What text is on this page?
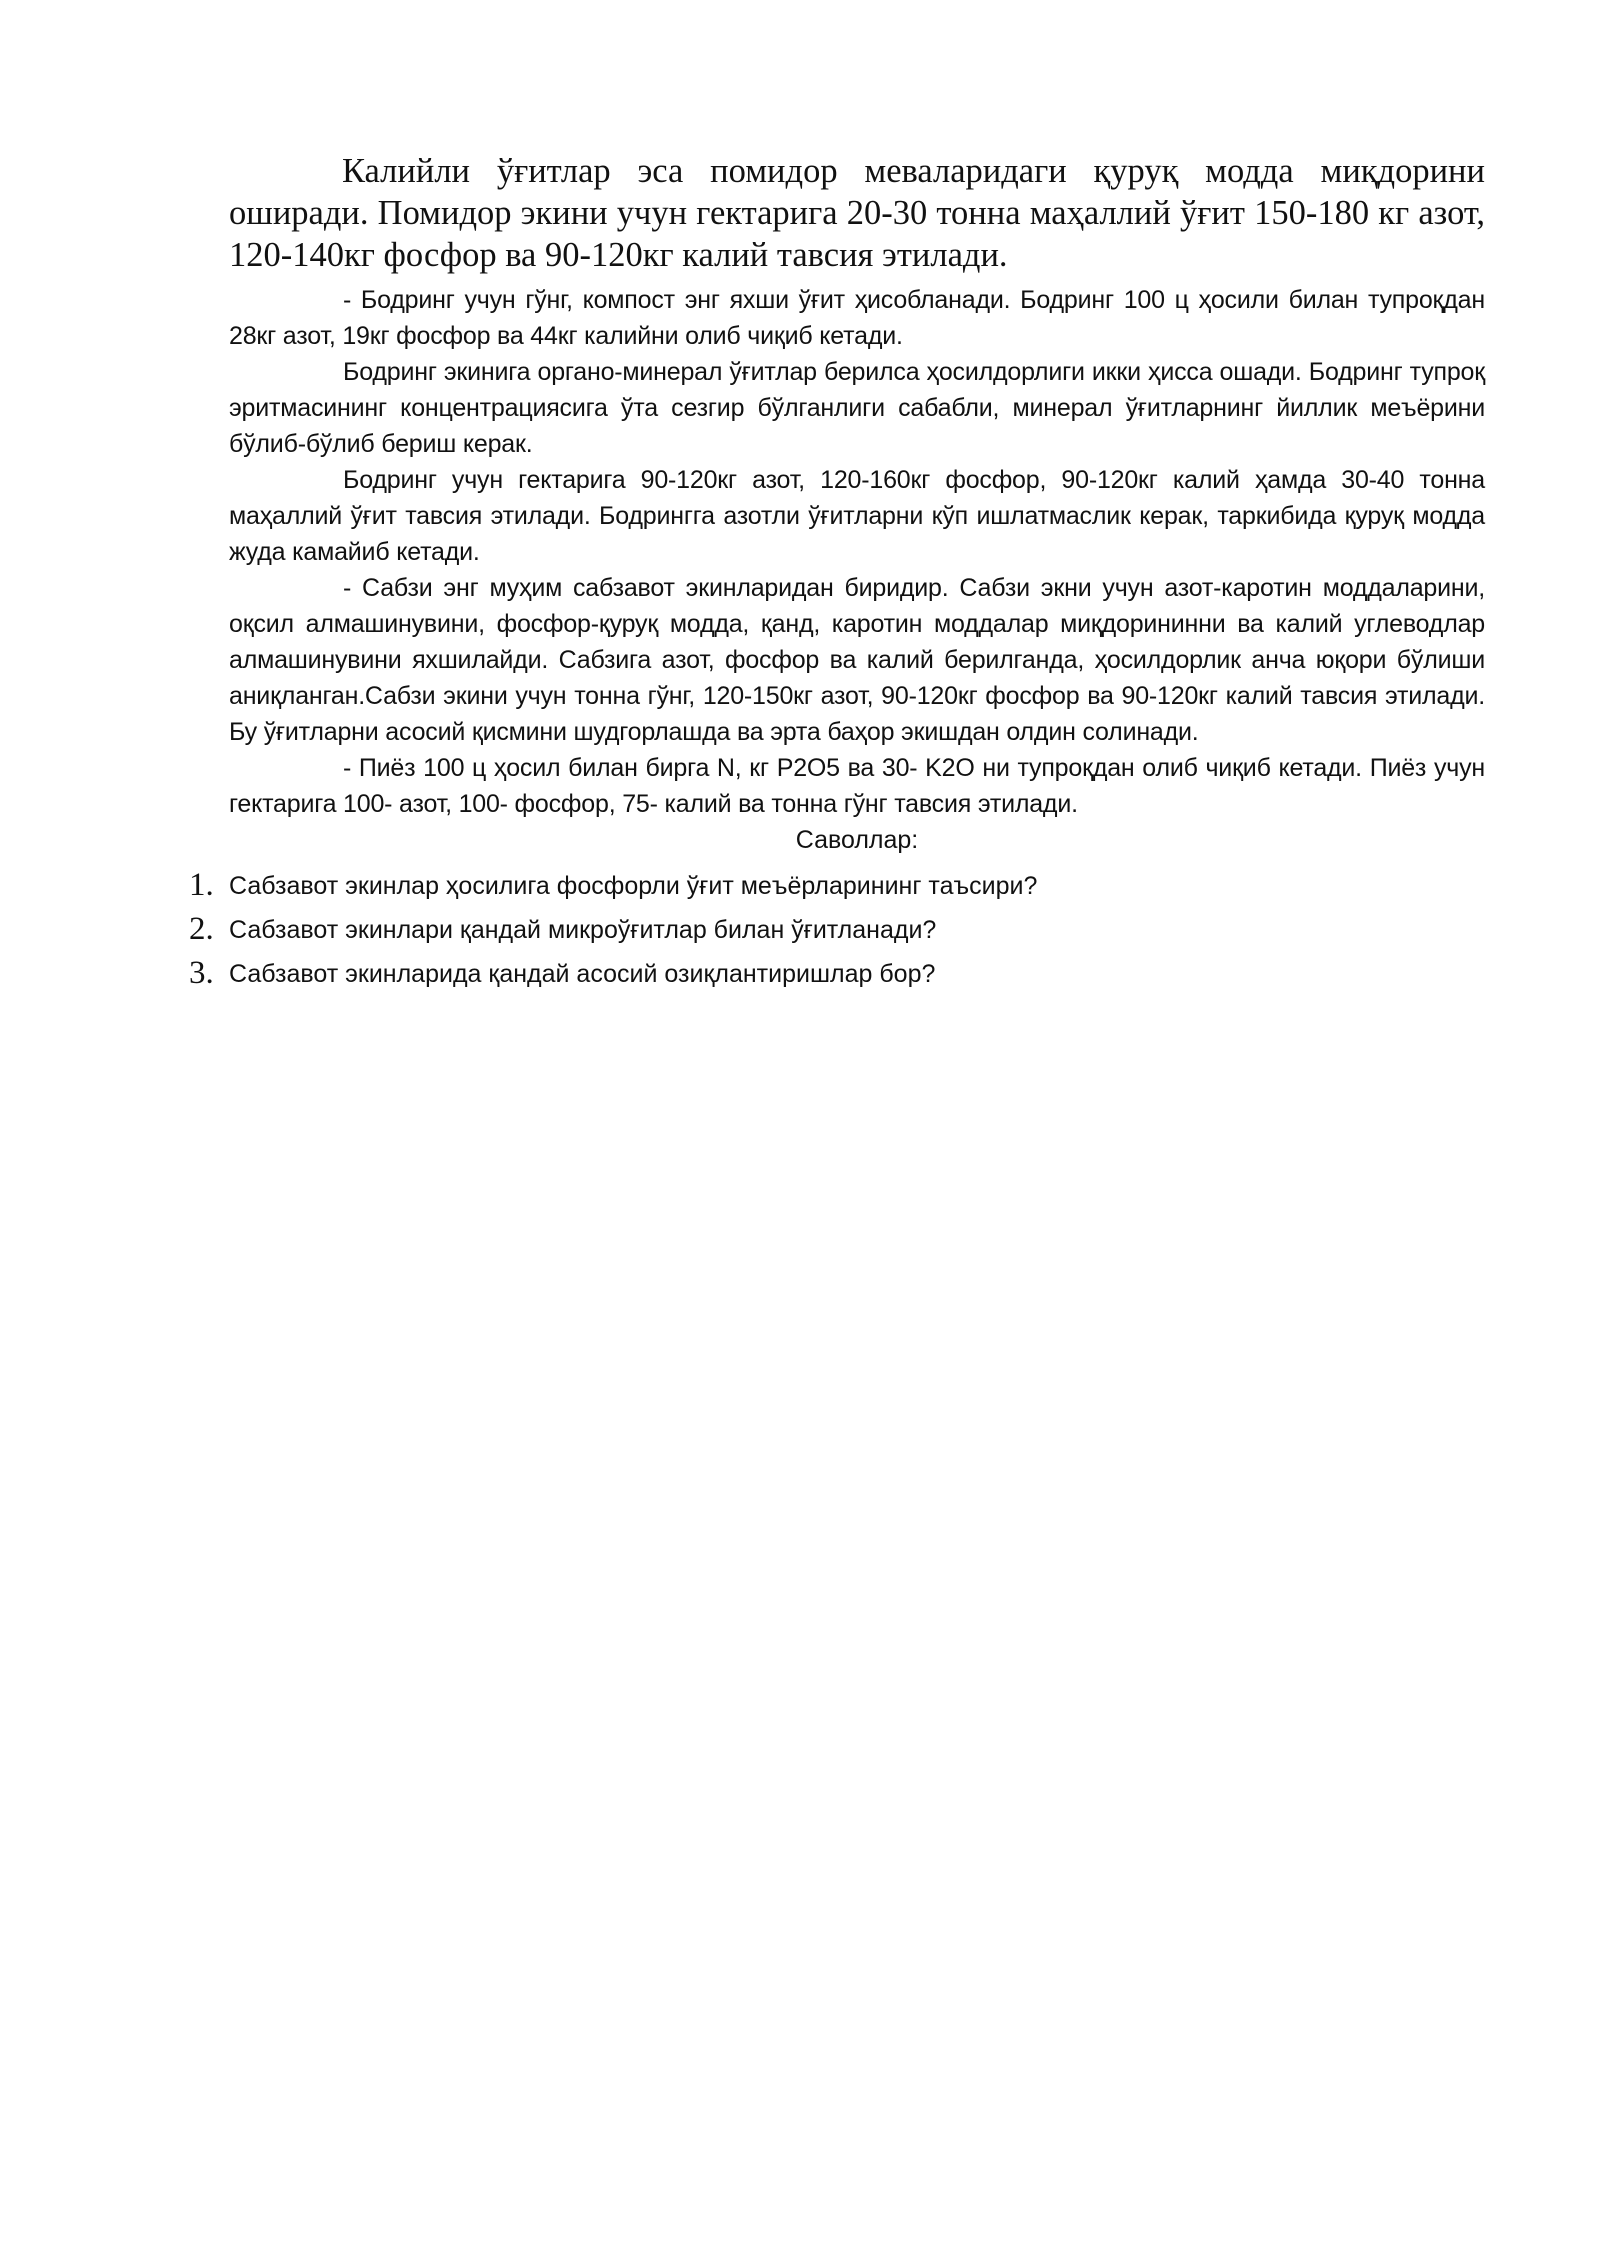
Калийли ўғитлар эса помидор меваларидаги қуруқ модда миқдорини оширади. Помидор экини учун гектарига 20-30 тонна маҳаллий ўғит 150-180 кг азот, 120-140кг фосфор ва 90-120кг калий тавсия этилади.

- Бодринг учун гўнг, компост энг яхши ўғит ҳисобланади. Бодринг 100 ц ҳосили билан тупроқдан 28кг азот, 19кг фосфор ва 44кг калийни олиб чиқиб кетади.

Бодринг экинига органо-минерал ўғитлар берилса ҳосилдорлиги икки ҳисса ошади. Бодринг тупроқ эритмасининг концентрациясига ўта сезгир бўлганлиги сабабли, минерал ўғитларнинг йиллик меъёрини бўлиб-бўлиб бериш керак.

Бодринг учун гектарига 90-120кг азот, 120-160кг фосфор, 90-120кг калий ҳамда 30-40 тонна маҳаллий ўғит тавсия этилади. Бодрингга азотли ўғитларни кўп ишлатмаслик керак, таркибида қуруқ модда жуда камайиб кетади.

- Сабзи энг муҳим сабзавот экинларидан биридир. Сабзи экни учун азот-каротин моддаларини, оқсил алмашинувини, фосфор-қуруқ модда, қанд, каротин моддалар миқдорининни ва калий углеводлар алмашинувини яхшилайди. Сабзига азот, фосфор ва калий берилганда, ҳосилдорлик анча юқори бўлиши аниқланган.Сабзи экини учун тонна гўнг, 120-150кг азот, 90-120кг фосфор ва 90-120кг калий тавсия этилади. Бу ўғитларни асосий қисмини шудгорлашда ва эрта баҳор экишдан олдин солинади.

- Пиёз 100 ц ҳосил билан бирга N, кг P2O5 ва 30- K2O ни тупроқдан олиб чиқиб кетади. Пиёз учун гектарига 100- азот, 100- фосфор, 75- калий ва тонна гўнг тавсия этилади.

Саволлар:

1. Сабзавот экинлар ҳосилига фосфорли ўғит меъёрларининг таъсири?
2. Сабзавот экинлари қандай микроўғитлар билан ўғитланади?
3. Сабзавот экинларида қандай асосий озиқлантиришлар бор?
